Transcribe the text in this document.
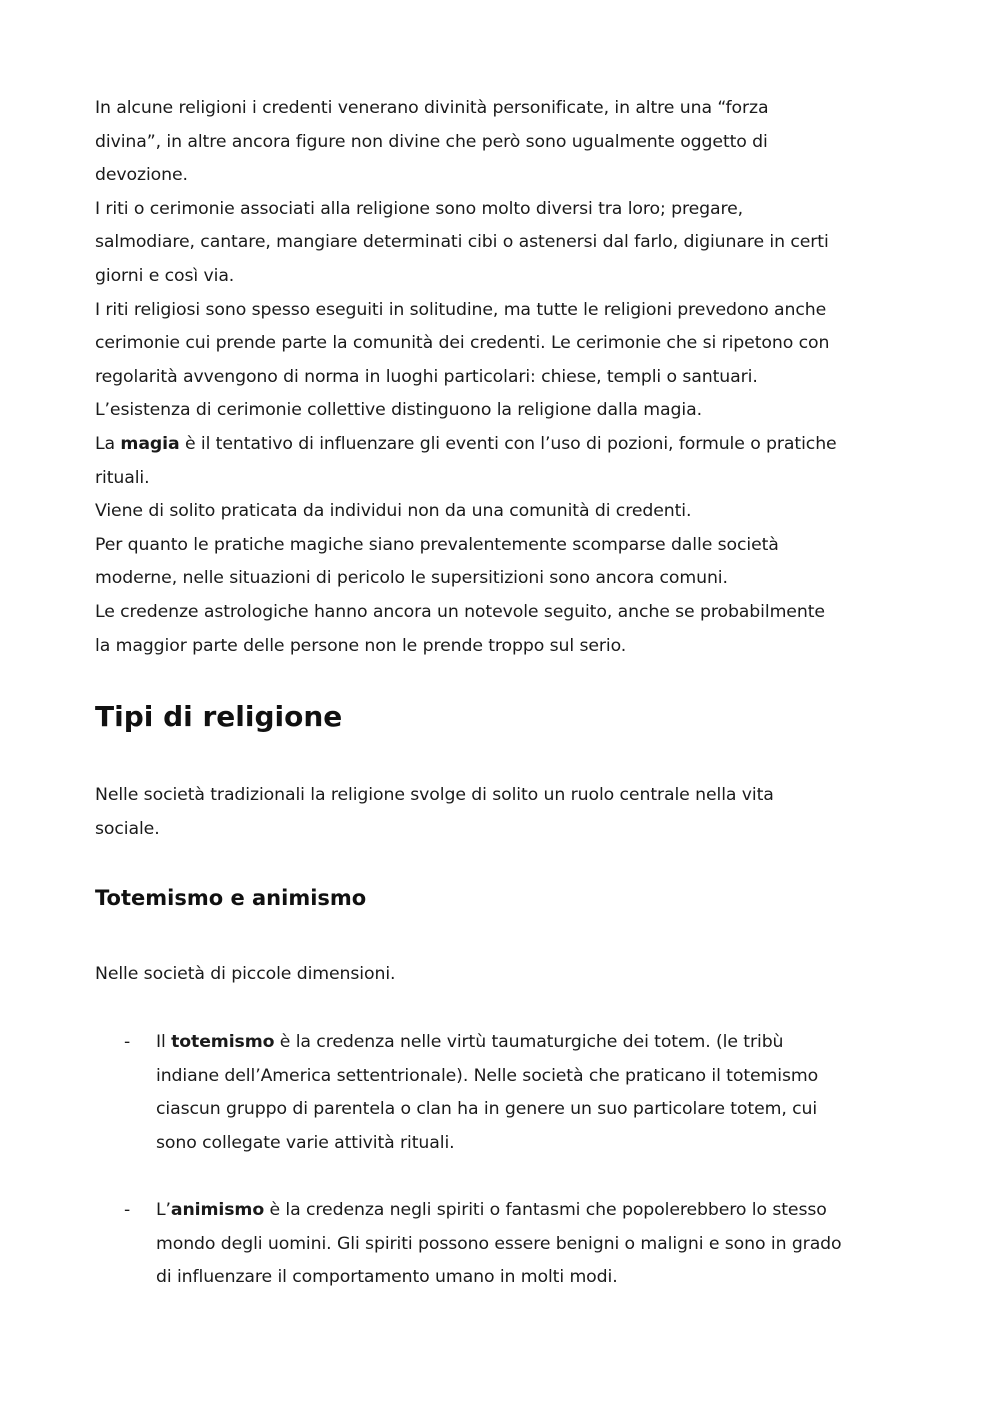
In alcune religioni i credenti venerano divinità personificate, in altre una “forza
divina”, in altre ancora figure non divine che però sono ugualmente oggetto di
devozione.
I riti o cerimonie associati alla religione sono molto diversi tra loro; pregare,
salmodiare, cantare, mangiare determinati cibi o astenersi dal farlo, digiunare in certi
giorni e così via.
I riti religiosi sono spesso eseguiti in solitudine, ma tutte le religioni prevedono anche
cerimonie cui prende parte la comunità dei credenti. Le cerimonie che si ripetono con
regolarità avvengono di norma in luoghi particolari: chiese, templi o santuari.
L’esistenza di cerimonie collettive distinguono la religione dalla magia.
La magia è il tentativo di influenzare gli eventi con l’uso di pozioni, formule o pratiche
rituali.
Viene di solito praticata da individui non da una comunità di credenti.
Per quanto le pratiche magiche siano prevalentemente scomparse dalle società
moderne, nelle situazioni di pericolo le supersitizioni sono ancora comuni.
Le credenze astrologiche hanno ancora un notevole seguito, anche se probabilmente
la maggior parte delle persone non le prende troppo sul serio.
Tipi di religione
Nelle società tradizionali la religione svolge di solito un ruolo centrale nella vita
sociale.
Totemismo e animismo
Nelle società di piccole dimensioni.
- Il totemismo è la credenza nelle virtù taumaturgiche dei totem. (le tribù
indiane dell’America settentrionale). Nelle società che praticano il totemismo
ciascun gruppo di parentela o clan ha in genere un suo particolare totem, cui
sono collegate varie attività rituali.
- L’animismo è la credenza negli spiriti o fantasmi che popolerebbero lo stesso
mondo degli uomini. Gli spiriti possono essere benigni o maligni e sono in grado
di influenzare il comportamento umano in molti modi.
